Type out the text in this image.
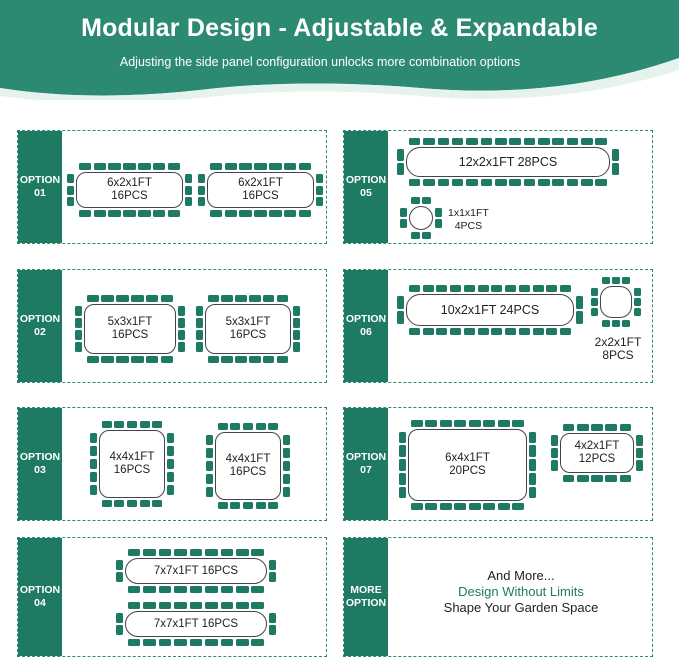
Modular Design - Adjustable & Expandable
Adjusting the side panel configuration unlocks more combination options
OPTION
01
6x2x1FT
16PCS
6x2x1FT
16PCS
OPTION
02
5x3x1FT
16PCS
5x3x1FT
16PCS
OPTION
03
4x4x1FT
16PCS
4x4x1FT
16PCS
OPTION
04
7x7x1FT 16PCS
7x7x1FT 16PCS
OPTION
05
12x2x1FT 28PCS
1x1x1FT
4PCS
OPTION
06
10x2x1FT 24PCS
2x2x1FT
8PCS
OPTION
07
6x4x1FT
20PCS
4x2x1FT
12PCS
MORE
OPTION
And More...
Design Without Limits
Shape Your Garden Space
